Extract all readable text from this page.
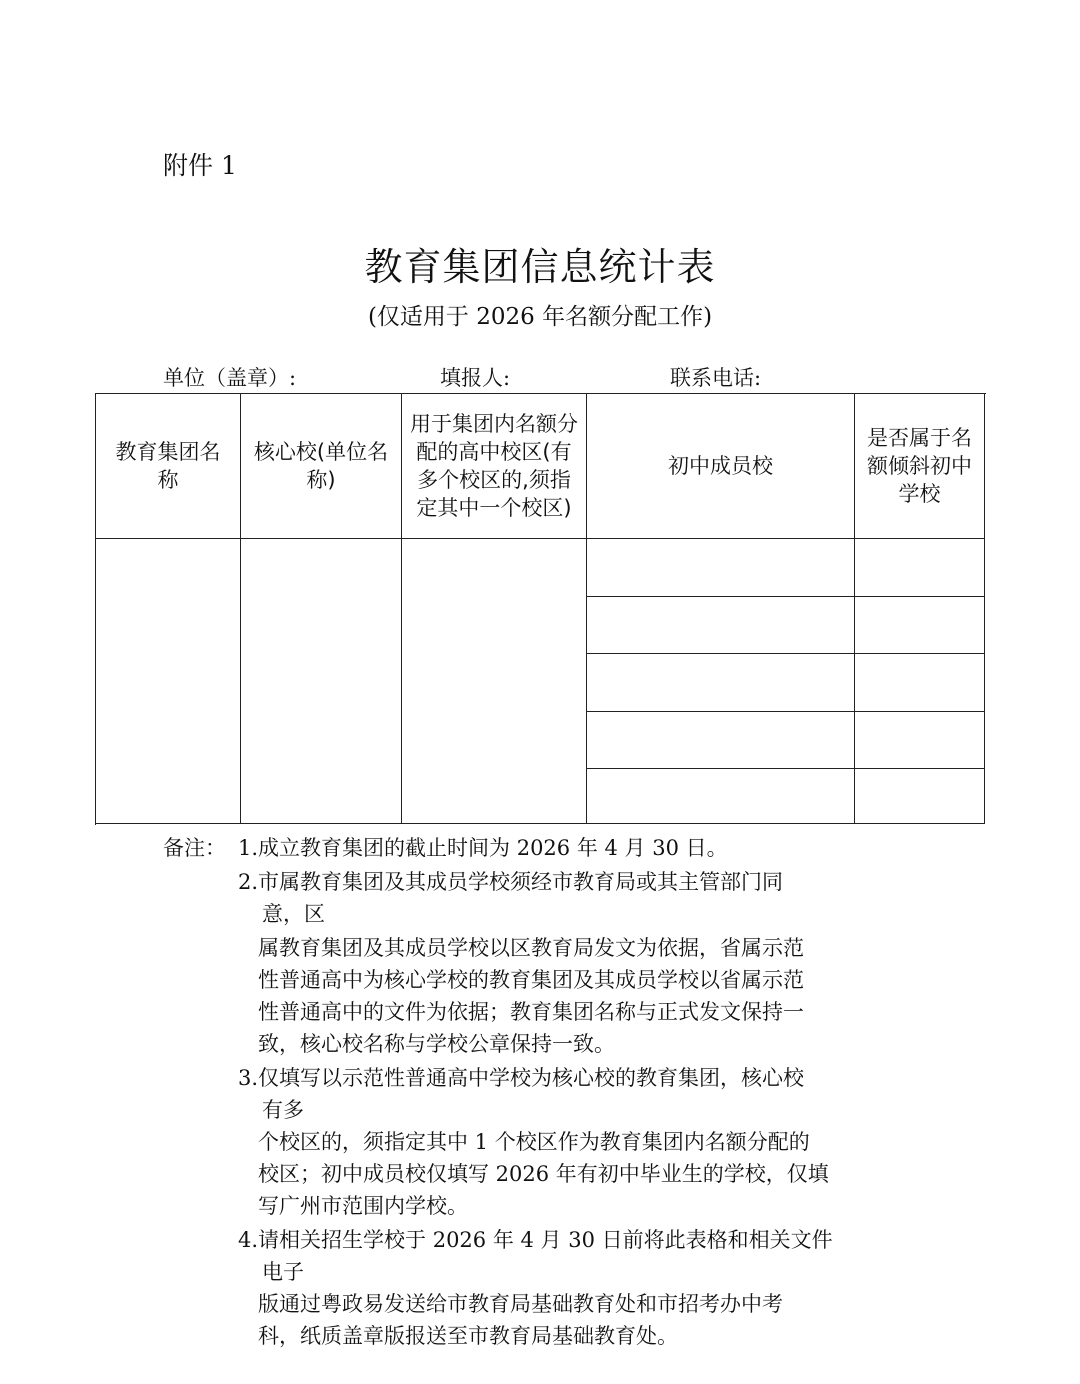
附件 1
教育集团信息统计表
(仅适用于 2026 年名额分配工作)
单位（盖章）:	填报人:	联系电话:
教育集团名称
核心校(单位名称)
用于集团内名额分配的高中校区(有多个校区的,须指定其中一个校区)
初中成员校
是否属于名额倾斜初中学校
备注： 1.成立教育集团的截止时间为 2026 年 4 月 30 日。
2.市属教育集团及其成员学校须经市教育局或其主管部门同
意，区
属教育集团及其成员学校以区教育局发文为依据，省属示范
性普通高中为核心学校的教育集团及其成员学校以省属示范
性普通高中的文件为依据；教育集团名称与正式发文保持一
致，核心校名称与学校公章保持一致。
3.仅填写以示范性普通高中学校为核心校的教育集团，核心校
有多
个校区的，须指定其中 1 个校区作为教育集团内名额分配的
校区；初中成员校仅填写 2026 年有初中毕业生的学校，仅填
写广州市范围内学校。
4.请相关招生学校于 2026 年 4 月 30 日前将此表格和相关文件
电子
版通过粤政易发送给市教育局基础教育处和市招考办中考
科，纸质盖章版报送至市教育局基础教育处。
